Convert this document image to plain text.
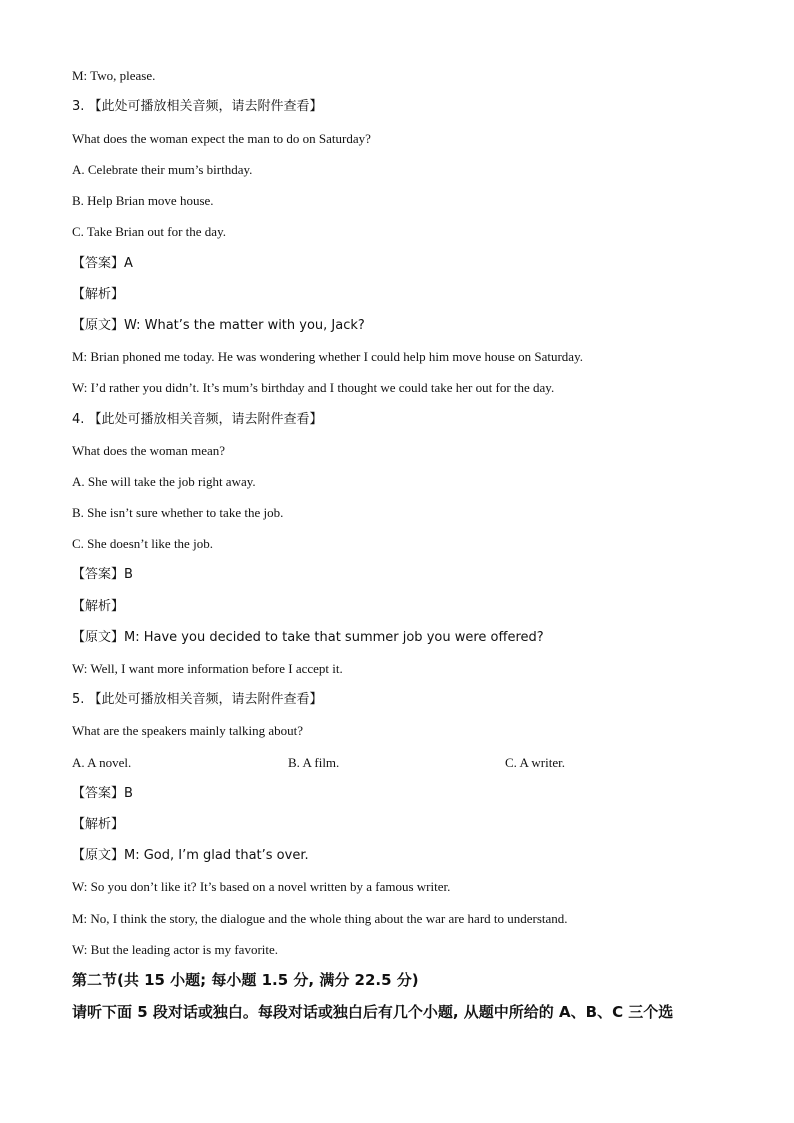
M: Two, please.
3. 【此处可播放相关音频，请去附件查看】
What does the woman expect the man to do on Saturday?
A. Celebrate their mum’s birthday.
B. Help Brian move house.
C. Take Brian out for the day.
【答案】A
【解析】
【原文】W: What’s the matter with you, Jack?
M: Brian phoned me today. He was wondering whether I could help him move house on Saturday.
W: I’d rather you didn’t. It’s mum’s birthday and I thought we could take her out for the day.
4. 【此处可播放相关音频，请去附件查看】
What does the woman mean?
A. She will take the job right away.
B. She isn’t sure whether to take the job.
C. She doesn’t like the job.
【答案】B
【解析】
【原文】M: Have you decided to take that summer job you were offered?
W: Well, I want more information before I accept it.
5. 【此处可播放相关音频，请去附件查看】
What are the speakers mainly talking about?
A. A novel.	B. A film.	C. A writer.
【答案】B
【解析】
【原文】M: God, I’m glad that’s over.
W: So you don’t like it? It’s based on a novel written by a famous writer.
M: No, I think the story, the dialogue and the whole thing about the war are hard to understand.
W: But the leading actor is my favorite.
第二节(共 15 小题; 每小题 1.5 分, 满分 22.5 分)
请听下面 5 段对话或独白。每段对话或独白后有几个小题, 从题中所给的 A、B、C 三个选
